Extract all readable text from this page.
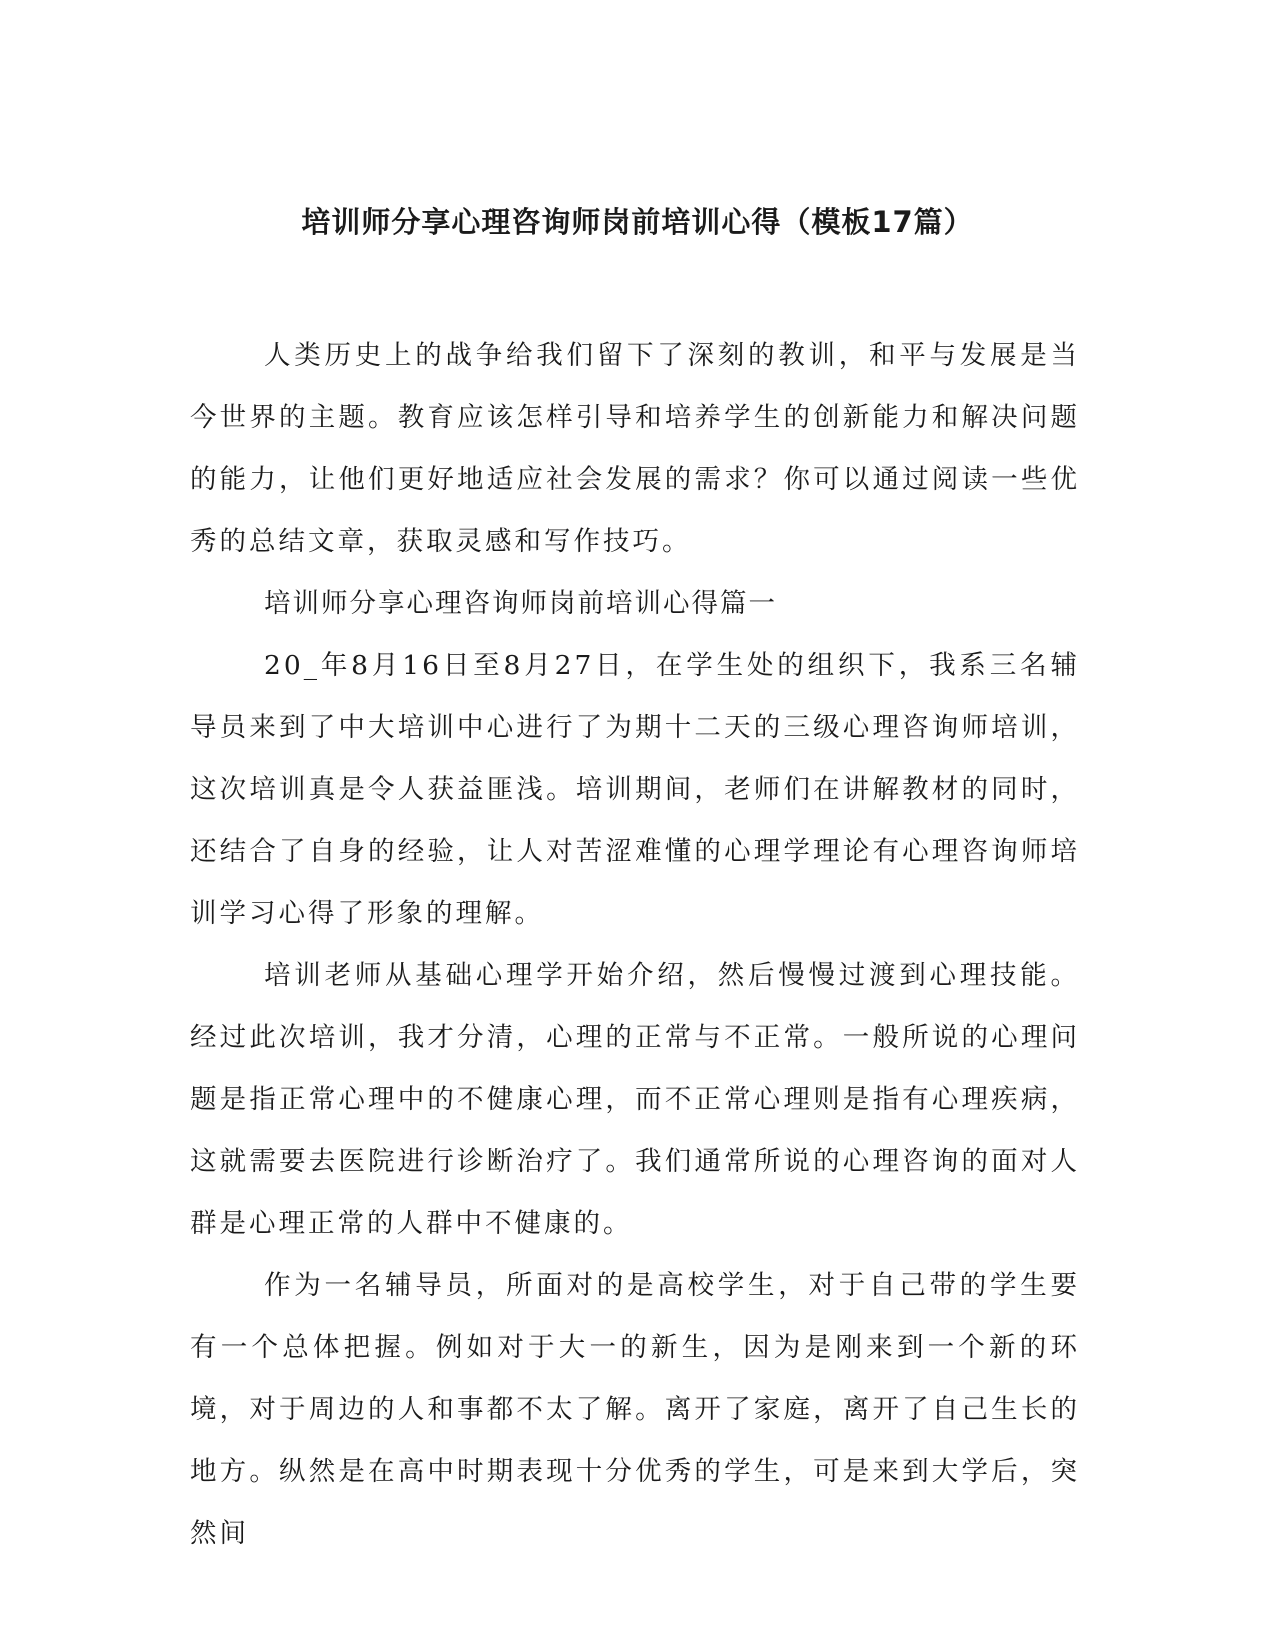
培训师分享心理咨询师岗前培训心得（模板17篇）

人类历史上的战争给我们留下了深刻的教训，和平与发展是当今世界的主题。教育应该怎样引导和培养学生的创新能力和解决问题的能力，让他们更好地适应社会发展的需求？你可以通过阅读一些优秀的总结文章，获取灵感和写作技巧。

培训师分享心理咨询师岗前培训心得篇一

20_年8月16日至8月27日，在学生处的组织下，我系三名辅导员来到了中大培训中心进行了为期十二天的三级心理咨询师培训，这次培训真是令人获益匪浅。培训期间，老师们在讲解教材的同时，还结合了自身的经验，让人对苦涩难懂的心理学理论有心理咨询师培训学习心得了形象的理解。

培训老师从基础心理学开始介绍，然后慢慢过渡到心理技能。经过此次培训，我才分清，心理的正常与不正常。一般所说的心理问题是指正常心理中的不健康心理，而不正常心理则是指有心理疾病，这就需要去医院进行诊断治疗了。我们通常所说的心理咨询的面对人群是心理正常的人群中不健康的。

作为一名辅导员，所面对的是高校学生，对于自己带的学生要有一个总体把握。例如对于大一的新生，因为是刚来到一个新的环境，对于周边的人和事都不太了解。离开了家庭，离开了自己生长的地方。纵然是在高中时期表现十分优秀的学生，可是来到大学后，突然间
